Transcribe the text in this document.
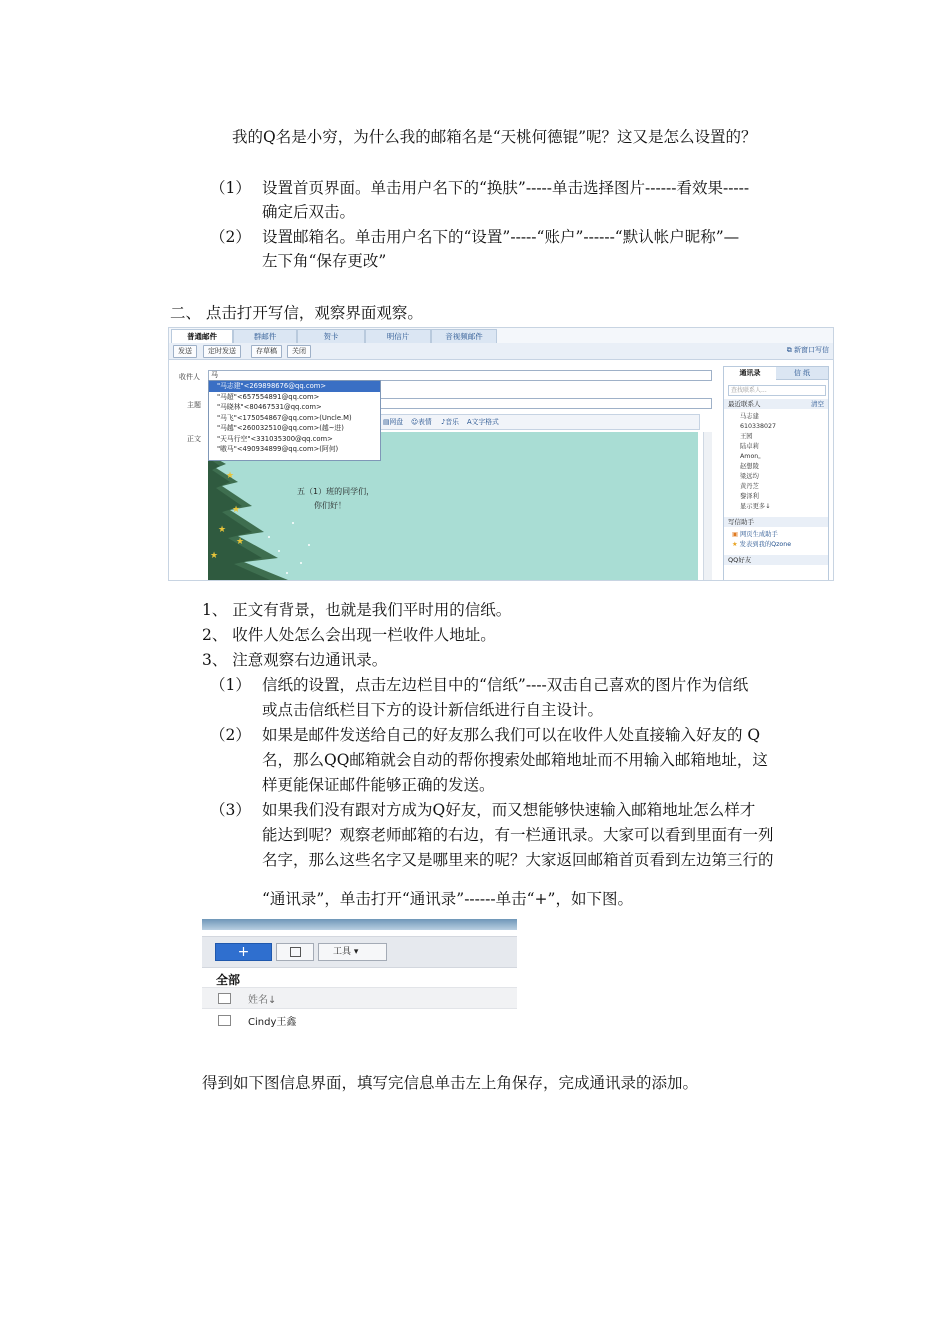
我的Q名是小穷，为什么我的邮箱名是“天桃何德锟”呢？这又是怎么设置的？
（1） 设置首页界面。单击用户名下的“换肤”-----单击选择图片------看效果-----
确定后双击。
（2） 设置邮箱名。单击用户名下的“设置”-----“账户”------“默认帐户昵称”—
左下角“保存更改”
二、 点击打开写信，观察界面观察。
普通邮件	群邮件	贺卡	明信片	音视频邮件
发送	定时发送	存草稿	关闭	⧉ 新窗口写信
收件人	马
主题
正文
"马志建"<269898676@qq.com>
"马超"<657554891@qq.com>
"马晓林"<80467531@qq.com>
"马飞"<175054867@qq.com>(Uncle.M)
"马越"<260032510@qq.com>(越~进)
"天马行空"<331035300@qq.com>
"嗷马"<490934899@qq.com>(阿何)
▤网盘 ☺表情 ♪音乐 A文字格式
★
★
★
★
★
五（1）班的同学们，
你们好！
通讯录	信 纸
查找联系人...
最近联系人	清空
马志建
610338027
王园
陆卓莉
Amon。
赵想陵
梁远均
黄丹芝
黎泽利
显示更多↓
写信助手
▣ 网页生成助手
★ 发表到我的Qzone
QQ好友
1、 正文有背景，也就是我们平时用的信纸。
2、 收件人处怎么会出现一栏收件人地址。
3、 注意观察右边通讯录。
（1） 信纸的设置，点击左边栏目中的“信纸”----双击自己喜欢的图片作为信纸
或点击信纸栏目下方的设计新信纸进行自主设计。
（2） 如果是邮件发送给自己的好友那么我们可以在收件人处直接输入好友的 Q
名，那么QQ邮箱就会自动的帮你搜索处邮箱地址而不用输入邮箱地址，这
样更能保证邮件能够正确的发送。
（3） 如果我们没有跟对方成为Q好友，而又想能够快速输入邮箱地址怎么样才
能达到呢？观察老师邮箱的右边，有一栏通讯录。大家可以看到里面有一列
名字，那么这些名字又是哪里来的呢？大家返回邮箱首页看到左边第三行的
“通讯录”，单击打开“通讯录”------单击“+”，如下图。
+	工具 ▾
全部
姓名↓
Cindy王鑫
得到如下图信息界面，填写完信息单击左上角保存，完成通讯录的添加。
